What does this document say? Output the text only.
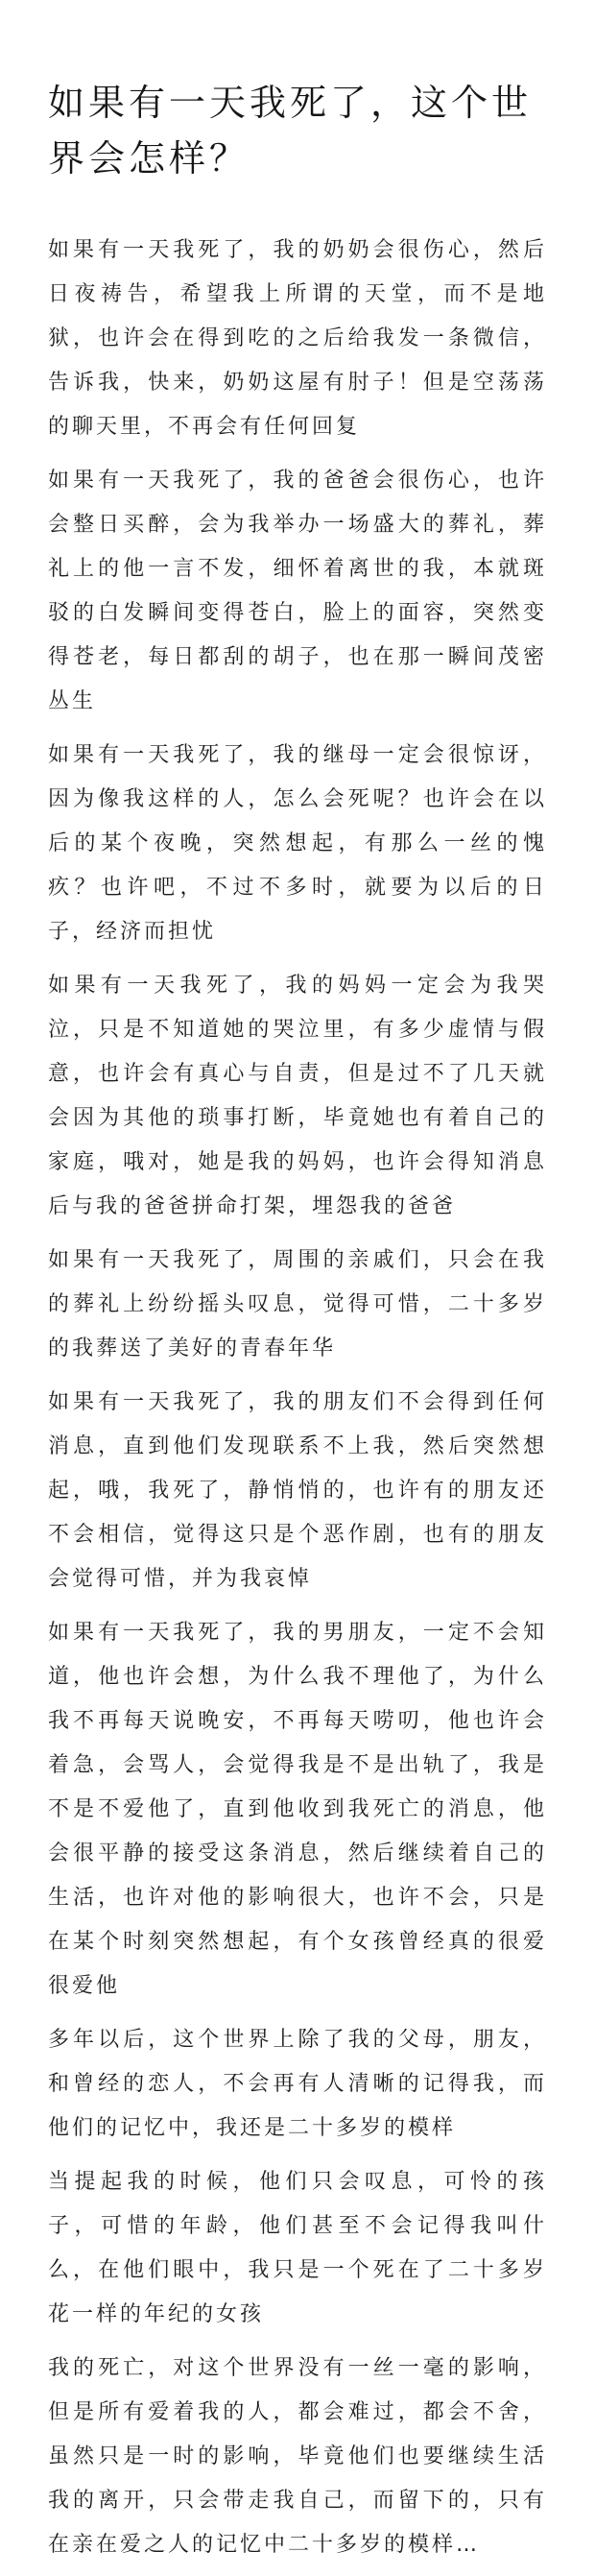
如果有一天我死了，这个世界会怎样？

如果有一天我死了，我的奶奶会很伤心，然后日夜祷告，希望我上所谓的天堂，而不是地狱，也许会在得到吃的之后给我发一条微信，告诉我，快来，奶奶这屋有肘子！但是空荡荡的聊天里，不再会有任何回复

如果有一天我死了，我的爸爸会很伤心，也许会整日买醉，会为我举办一场盛大的葬礼，葬礼上的他一言不发，细怀着离世的我，本就斑驳的白发瞬间变得苍白，脸上的面容，突然变得苍老，每日都刮的胡子，也在那一瞬间茂密丛生

如果有一天我死了，我的继母一定会很惊讶，因为像我这样的人，怎么会死呢？也许会在以后的某个夜晚，突然想起，有那么一丝的愧疚？也许吧，不过不多时，就要为以后的日子，经济而担忧

如果有一天我死了，我的妈妈一定会为我哭泣，只是不知道她的哭泣里，有多少虚情与假意，也许会有真心与自责，但是过不了几天就会因为其他的琐事打断，毕竟她也有着自己的家庭，哦对，她是我的妈妈，也许会得知消息后与我的爸爸拼命打架，埋怨我的爸爸

如果有一天我死了，周围的亲戚们，只会在我的葬礼上纷纷摇头叹息，觉得可惜，二十多岁的我葬送了美好的青春年华

如果有一天我死了，我的朋友们不会得到任何消息，直到他们发现联系不上我，然后突然想起，哦，我死了，静悄悄的，也许有的朋友还不会相信，觉得这只是个恶作剧，也有的朋友会觉得可惜，并为我哀悼

如果有一天我死了，我的男朋友，一定不会知道，他也许会想，为什么我不理他了，为什么我不再每天说晚安，不再每天唠叨，他也许会着急，会骂人，会觉得我是不是出轨了，我是不是不爱他了，直到他收到我死亡的消息，他会很平静的接受这条消息，然后继续着自己的生活，也许对他的影响很大，也许不会，只是在某个时刻突然想起，有个女孩曾经真的很爱很爱他

多年以后，这个世界上除了我的父母，朋友，和曾经的恋人，不会再有人清晰的记得我，而他们的记忆中，我还是二十多岁的模样

当提起我的时候，他们只会叹息，可怜的孩子，可惜的年龄，他们甚至不会记得我叫什么，在他们眼中，我只是一个死在了二十多岁花一样的年纪的女孩

我的死亡，对这个世界没有一丝一毫的影响，但是所有爱着我的人，都会难过，都会不舍，虽然只是一时的影响，毕竟他们也要继续生活我的离开，只会带走我自己，而留下的，只有在亲在爱之人的记忆中二十多岁的模样…
